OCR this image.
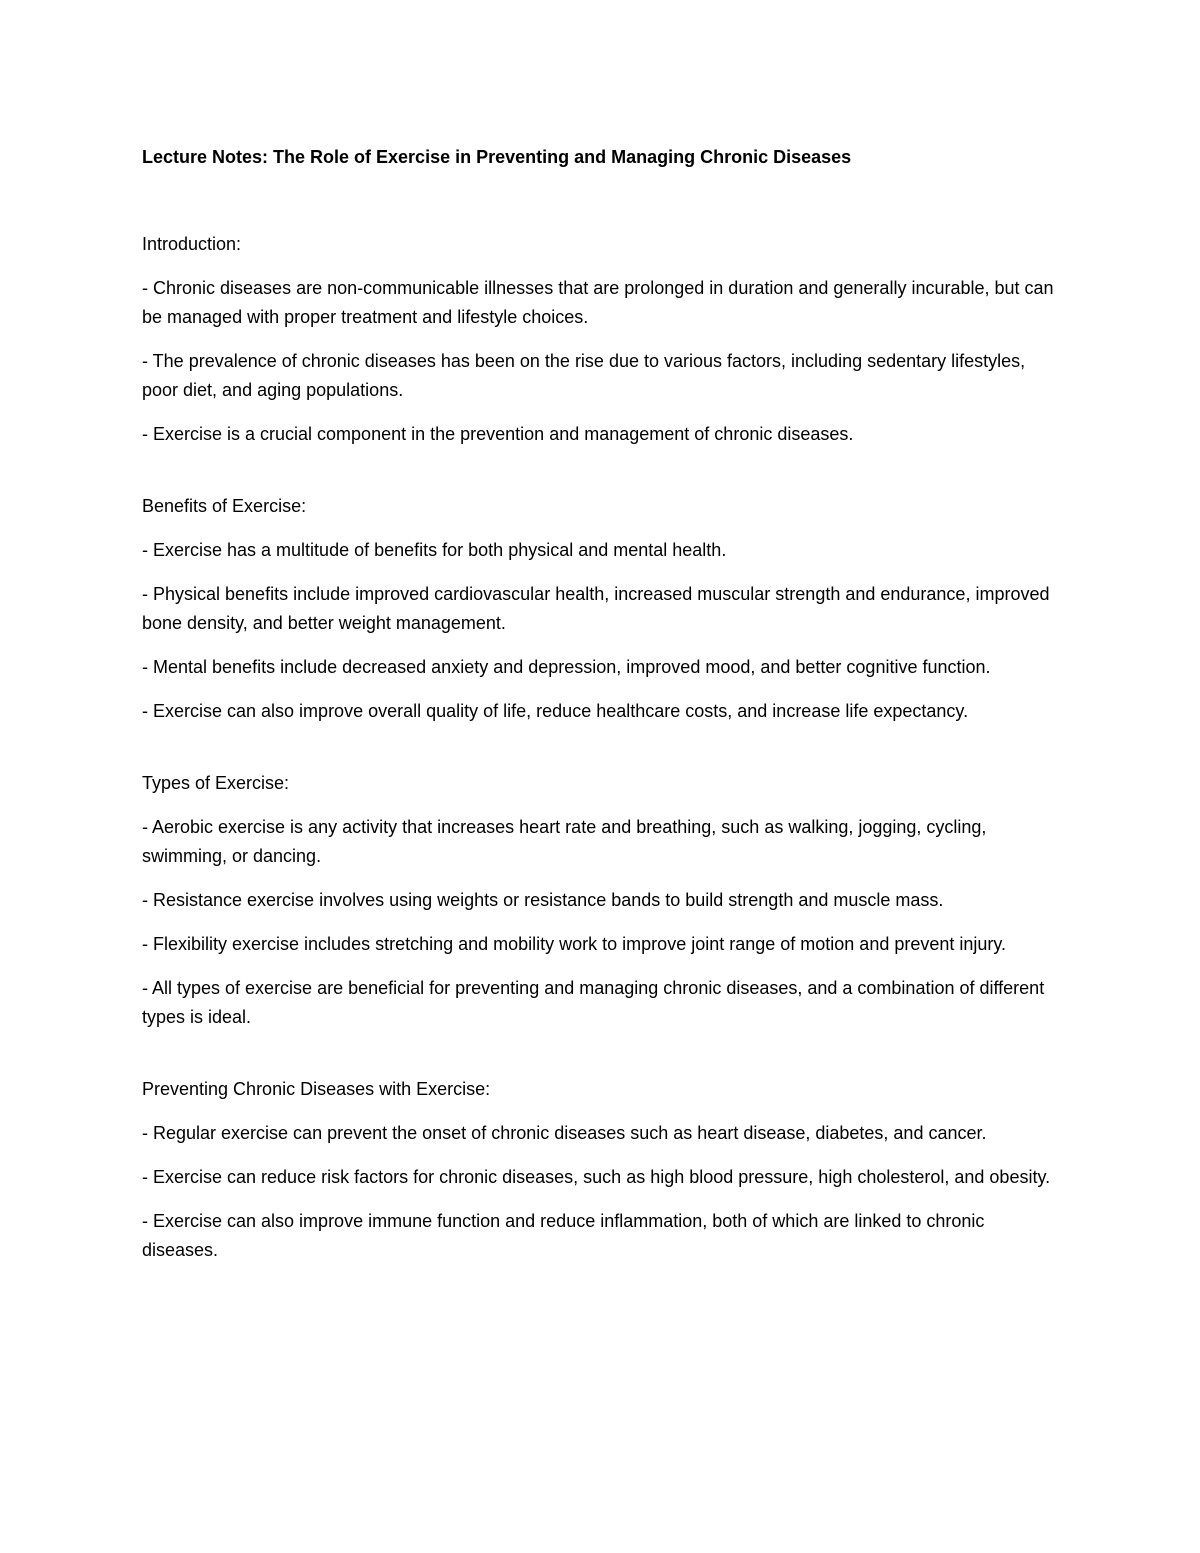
Lecture Notes: The Role of Exercise in Preventing and Managing Chronic Diseases
Introduction:
- Chronic diseases are non-communicable illnesses that are prolonged in duration and generally incurable, but can be managed with proper treatment and lifestyle choices.
- The prevalence of chronic diseases has been on the rise due to various factors, including sedentary lifestyles, poor diet, and aging populations.
- Exercise is a crucial component in the prevention and management of chronic diseases.
Benefits of Exercise:
- Exercise has a multitude of benefits for both physical and mental health.
- Physical benefits include improved cardiovascular health, increased muscular strength and endurance, improved bone density, and better weight management.
- Mental benefits include decreased anxiety and depression, improved mood, and better cognitive function.
- Exercise can also improve overall quality of life, reduce healthcare costs, and increase life expectancy.
Types of Exercise:
- Aerobic exercise is any activity that increases heart rate and breathing, such as walking, jogging, cycling, swimming, or dancing.
- Resistance exercise involves using weights or resistance bands to build strength and muscle mass.
- Flexibility exercise includes stretching and mobility work to improve joint range of motion and prevent injury.
- All types of exercise are beneficial for preventing and managing chronic diseases, and a combination of different types is ideal.
Preventing Chronic Diseases with Exercise:
- Regular exercise can prevent the onset of chronic diseases such as heart disease, diabetes, and cancer.
- Exercise can reduce risk factors for chronic diseases, such as high blood pressure, high cholesterol, and obesity.
- Exercise can also improve immune function and reduce inflammation, both of which are linked to chronic diseases.
